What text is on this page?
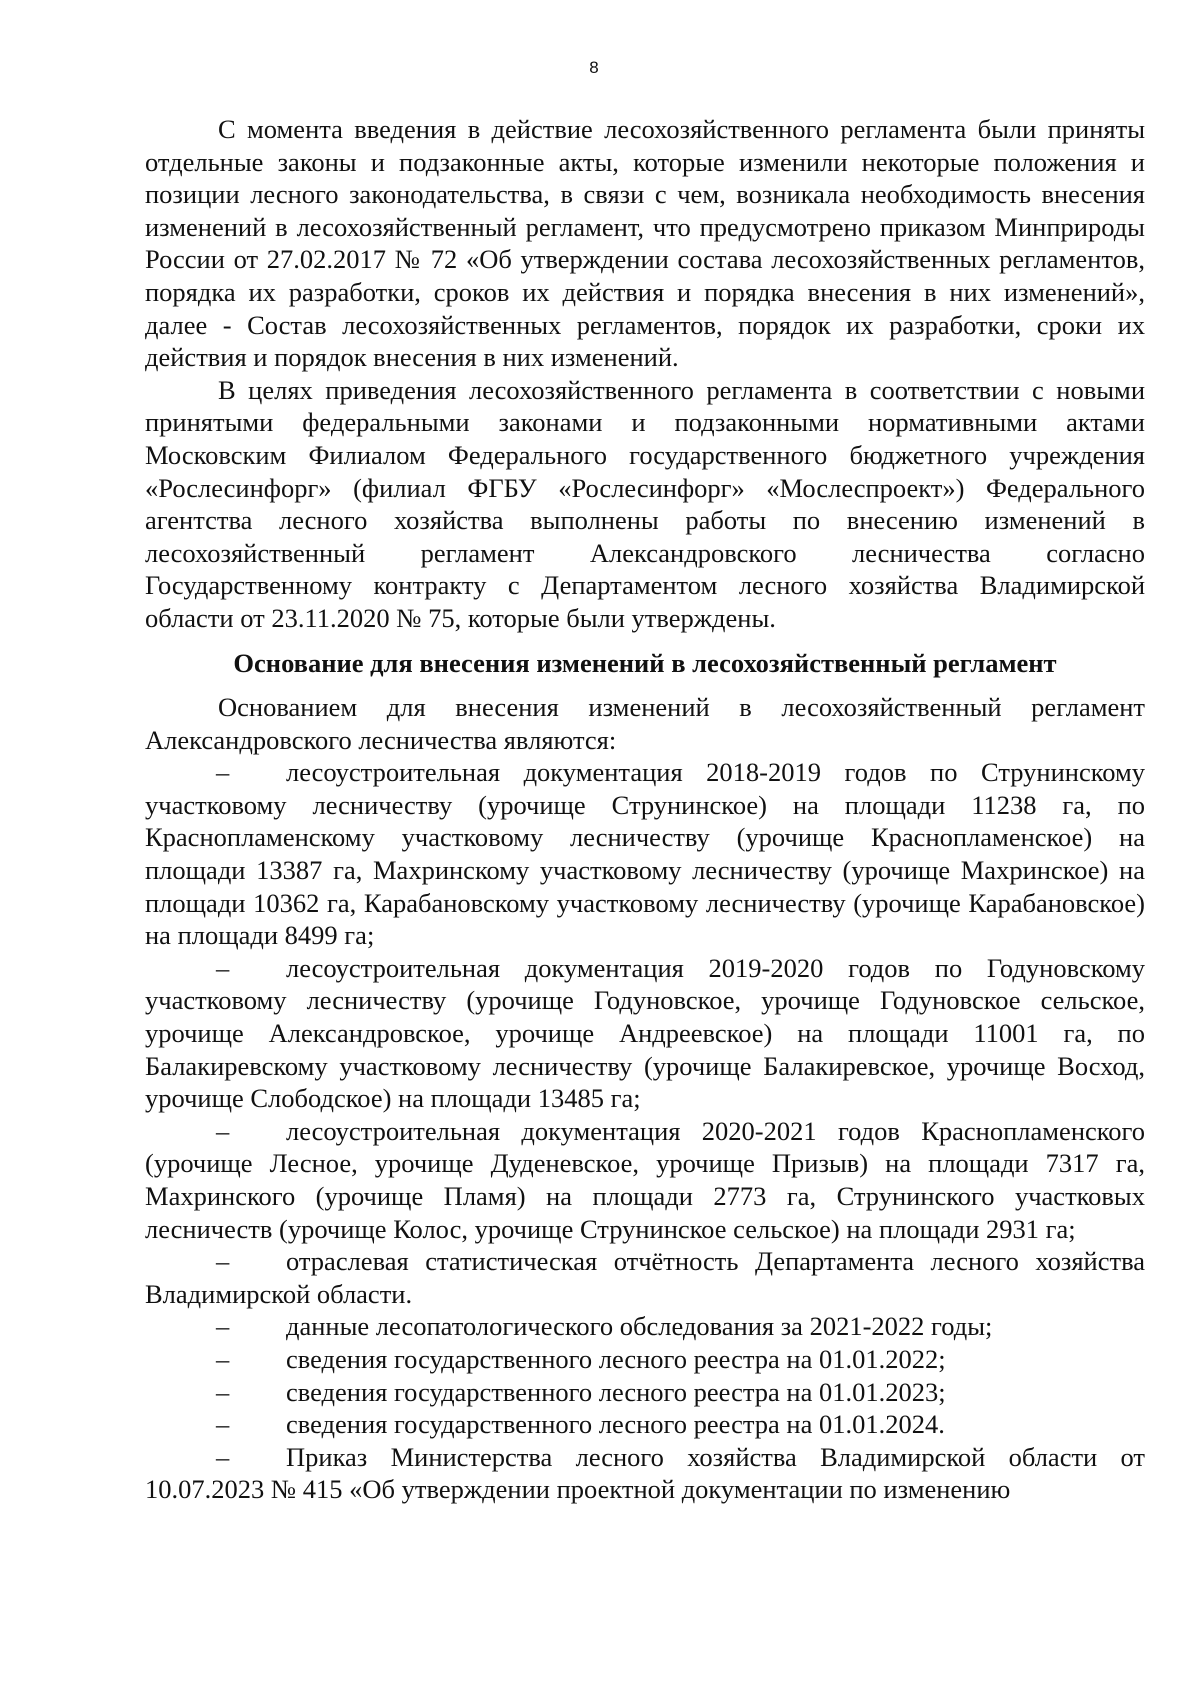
8

С момента введения в действие лесохозяйственного регламента были приняты отдельные законы и подзаконные акты, которые изменили некоторые положения и позиции лесного законодательства, в связи с чем, возникала необходимость внесения изменений в лесохозяйственный регламент, что предусмотрено приказом Минприроды России от 27.02.2017 № 72 «Об утверждении состава лесохозяйственных регламентов, порядка их разработки, сроков их действия и порядка внесения в них изменений», далее - Состав лесохозяйственных регламентов, порядок их разработки, сроки их действия и порядок внесения в них изменений.

В целях приведения лесохозяйственного регламента в соответствии с новыми принятыми федеральными законами и подзаконными нормативными актами Московским Филиалом Федерального государственного бюджетного учреждения «Рослесинфорг» (филиал ФГБУ «Рослесинфорг» «Мослеспроект») Федерального агентства лесного хозяйства выполнены работы по внесению изменений в лесохозяйственный регламент Александровского лесничества согласно Государственному контракту с Департаментом лесного хозяйства Владимирской области от 23.11.2020 № 75, которые были утверждены.

Основание для внесения изменений в лесохозяйственный регламент

Основанием для внесения изменений в лесохозяйственный регламент Александровского лесничества являются:

– лесоустроительная документация 2018-2019 годов по Струнинскому участковому лесничеству (урочище Струнинское) на площади 11238 га, по Краснопламенскому участковому лесничеству (урочище Краснопламенское) на площади 13387 га, Махринскому участковому лесничеству (урочище Махринское) на площади 10362 га, Карабановскому участковому лесничеству (урочище Карабановское) на площади 8499 га;

– лесоустроительная документация 2019-2020 годов по Годуновскому участковому лесничеству (урочище Годуновское, урочище Годуновское сельское, урочище Александровское, урочище Андреевское) на площади 11001 га, по Балакиревскому участковому лесничеству (урочище Балакиревское, урочище Восход, урочище Слободское) на площади 13485 га;

– лесоустроительная документация 2020-2021 годов Краснопламенского (урочище Лесное, урочище Дуденевское, урочище Призыв) на площади 7317 га, Махринского (урочище Пламя) на площади 2773 га, Струнинского участковых лесничеств (урочище Колос, урочище Струнинское сельское) на площади 2931 га;

– отраслевая статистическая отчётность Департамента лесного хозяйства Владимирской области.

– данные лесопатологического обследования за 2021-2022 годы;

– сведения государственного лесного реестра на 01.01.2022;

– сведения государственного лесного реестра на 01.01.2023;

– сведения государственного лесного реестра на 01.01.2024.

– Приказ Министерства лесного хозяйства Владимирской области от 10.07.2023 № 415 «Об утверждении проектной документации по изменению
